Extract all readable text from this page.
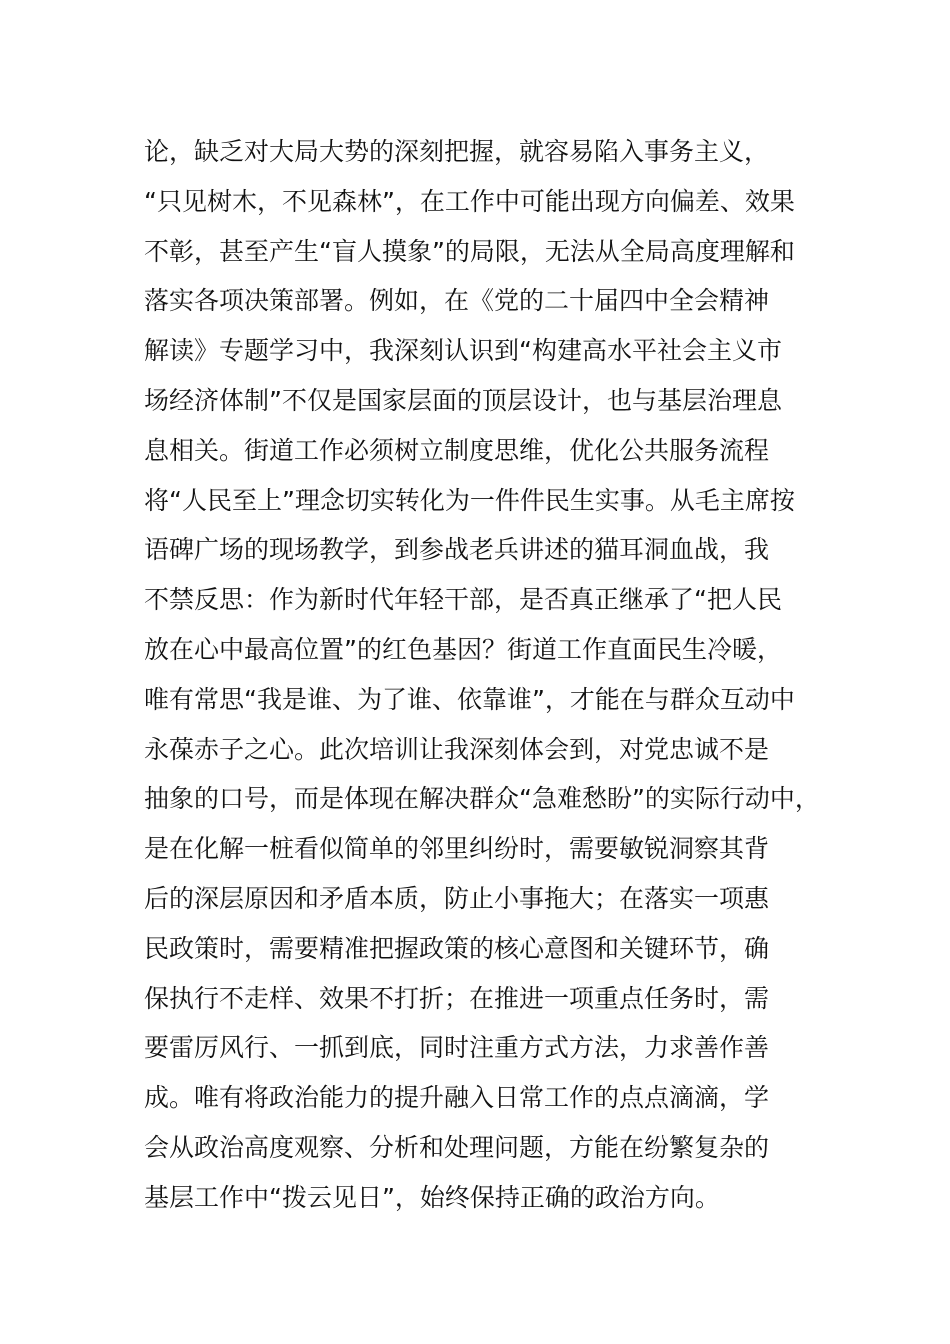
论，缺乏对大局大势的深刻把握，就容易陷入事务主义，
“只见树木，不见森林”，在工作中可能出现方向偏差、效果
不彰，甚至产生“盲人摸象”的局限，无法从全局高度理解和
落实各项决策部署。例如，在《党的二十届四中全会精神
解读》专题学习中，我深刻认识到“构建高水平社会主义市
场经济体制”不仅是国家层面的顶层设计，也与基层治理息
息相关。街道工作必须树立制度思维，优化公共服务流程
将“人民至上”理念切实转化为一件件民生实事。从毛主席按
语碑广场的现场教学，到参战老兵讲述的猫耳洞血战，我
不禁反思：作为新时代年轻干部，是否真正继承了“把人民
放在心中最高位置”的红色基因？街道工作直面民生冷暖，
唯有常思“我是谁、为了谁、依靠谁”，才能在与群众互动中
永葆赤子之心。此次培训让我深刻体会到，对党忠诚不是
抽象的口号，而是体现在解决群众“急难愁盼”的实际行动中，
是在化解一桩看似简单的邻里纠纷时，需要敏锐洞察其背
后的深层原因和矛盾本质，防止小事拖大；在落实一项惠
民政策时，需要精准把握政策的核心意图和关键环节，确
保执行不走样、效果不打折；在推进一项重点任务时，需
要雷厉风行、一抓到底，同时注重方式方法，力求善作善
成。唯有将政治能力的提升融入日常工作的点点滴滴，学
会从政治高度观察、分析和处理问题，方能在纷繁复杂的
基层工作中“拨云见日”，始终保持正确的政治方向。
